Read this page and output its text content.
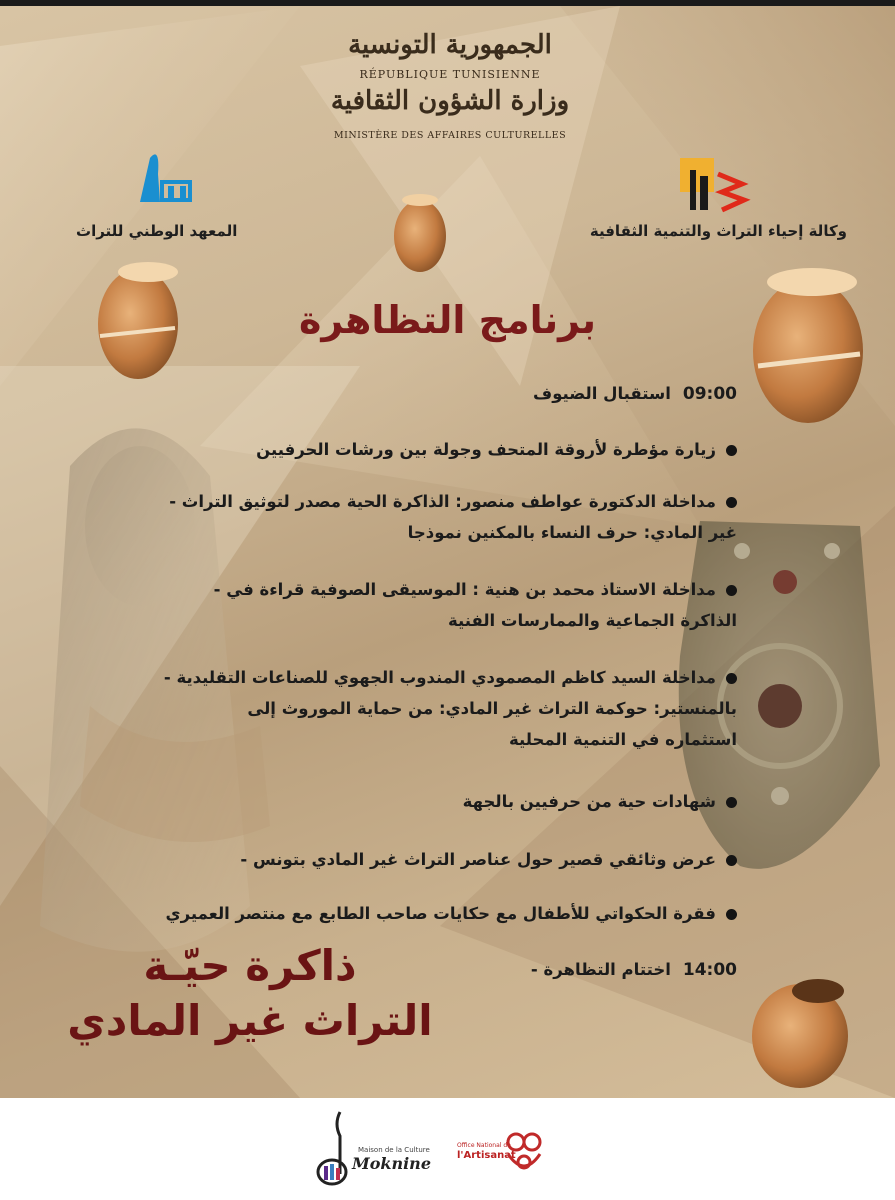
الجمهورية التونسية
RÉPUBLIQUE TUNISIENNE
وزارة الشؤون الثقافية
MINISTÈRE DES AFFAIRES CULTURELLES
وكالة إحياء التراث والتنمية الثقافية
المعهد الوطني للتراث
برنامج التظاهرة
09:00استقبال الضيوف
زيارة مؤطرة لأروقة المتحف وجولة بين ورشات الحرفيين
مداخلة الدكتورة عواطف منصور: الذاكرة الحية مصدر لتوثيق التراث -
غير المادي: حرف النساء بالمكنين نموذجا
مداخلة الاستاذ محمد بن هنية : الموسيقى الصوفية قراءة في -
الذاكرة الجماعية والممارسات الفنية
مداخلة السيد كاظم المصمودي المندوب الجهوي للصناعات التقليدية -
بالمنستير: حوكمة التراث غير المادي: من حماية الموروث إلى
استثماره في التنمية المحلية
شهادات حية من حرفيين بالجهة
عرض وثائقي قصير حول عناصر التراث غير المادي بتونس -
فقرة الحكواتي للأطفال مع حكايات صاحب الطابع مع منتصر العميري
14:00اختتام التظاهرة -
ذاكرة حيّـة
التراث غير المادي
Maison de la Culture
Moknine
Office National de
l'Artisanat
